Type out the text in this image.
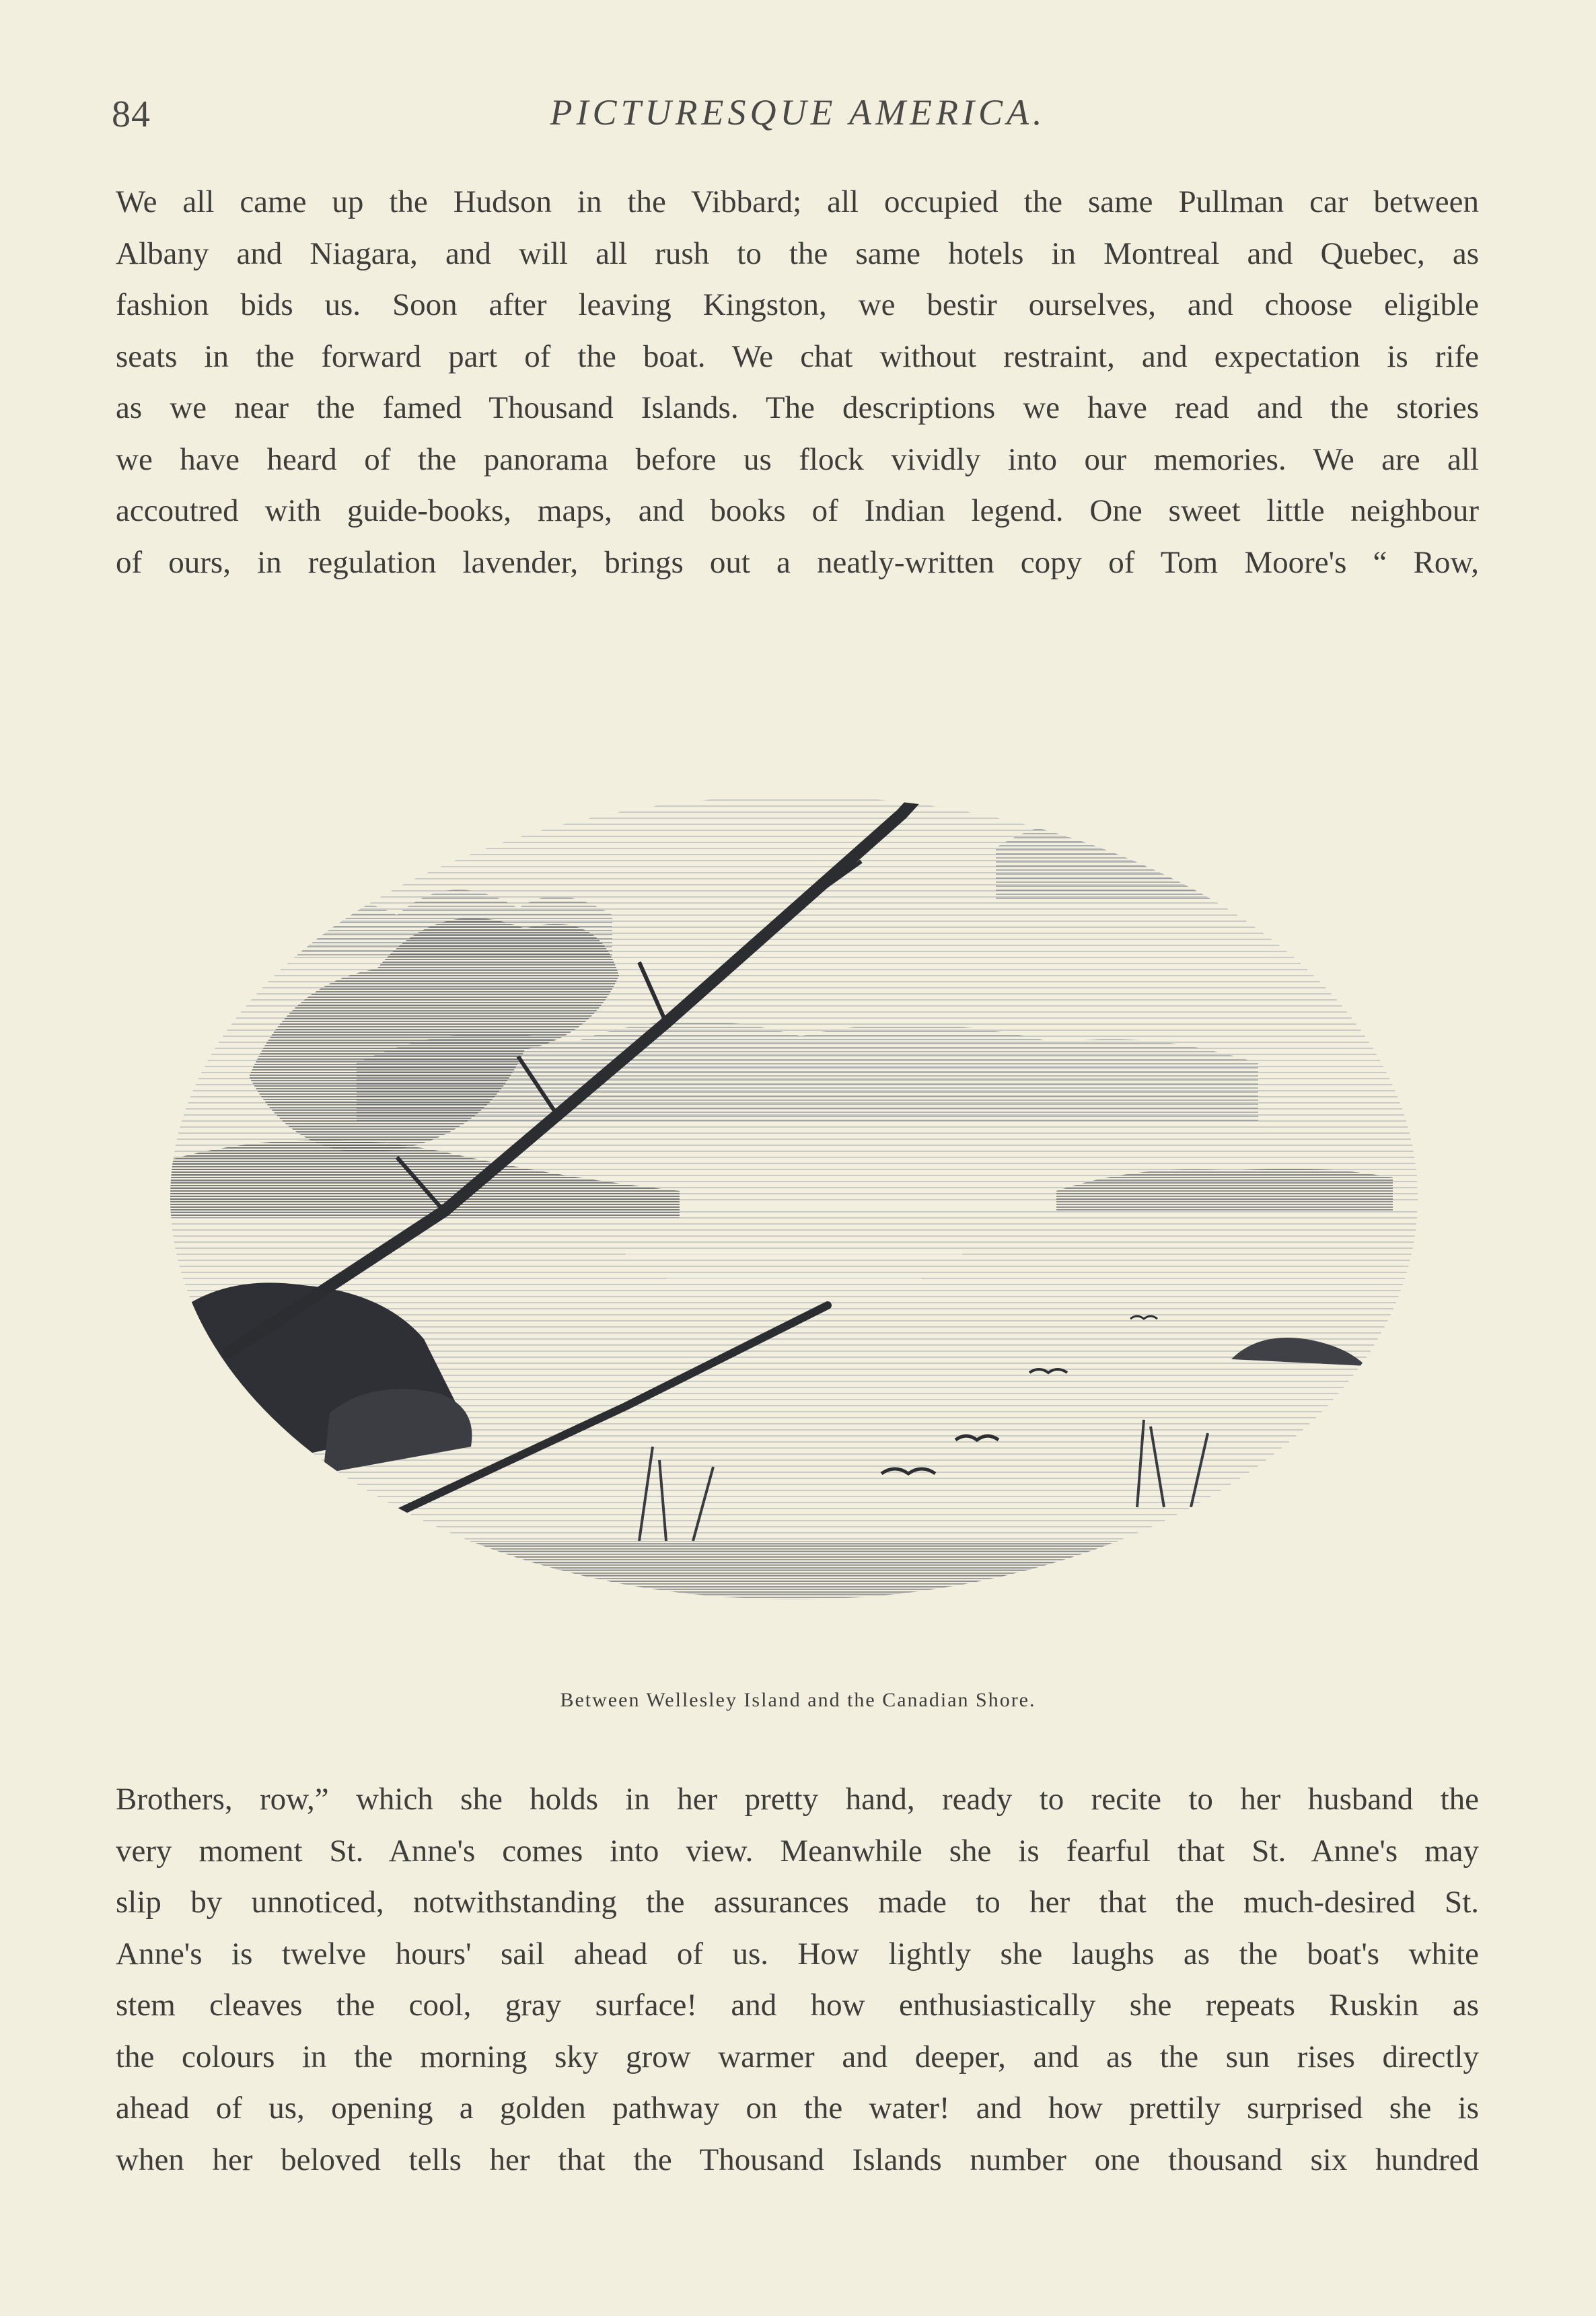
84	PICTURESQUE AMERICA.
We all came up the Hudson in the Vibbard; all occupied the same Pullman car between
Albany and Niagara, and will all rush to the same hotels in Montreal and Quebec, as
fashion bids us. Soon after leaving Kingston, we bestir ourselves, and choose eligible
seats in the forward part of the boat. We chat without restraint, and expectation is rife
as we near the famed Thousand Islands. The descriptions we have read and the stories
we have heard of the panorama before us flock vividly into our memories. We are all
accoutred with guide-books, maps, and books of Indian legend. One sweet little neighbour
of ours, in regulation lavender, brings out a neatly-written copy of Tom Moore's “ Row,
Between Wellesley Island and the Canadian Shore.
Brothers, row,” which she holds in her pretty hand, ready to recite to her husband the
very moment St. Anne's comes into view. Meanwhile she is fearful that St. Anne's may
slip by unnoticed, notwithstanding the assurances made to her that the much-desired St.
Anne's is twelve hours' sail ahead of us. How lightly she laughs as the boat's white
stem cleaves the cool, gray surface! and how enthusiastically she repeats Ruskin as
the colours in the morning sky grow warmer and deeper, and as the sun rises directly
ahead of us, opening a golden pathway on the water! and how prettily surprised she is
when her beloved tells her that the Thousand Islands number one thousand six hundred
